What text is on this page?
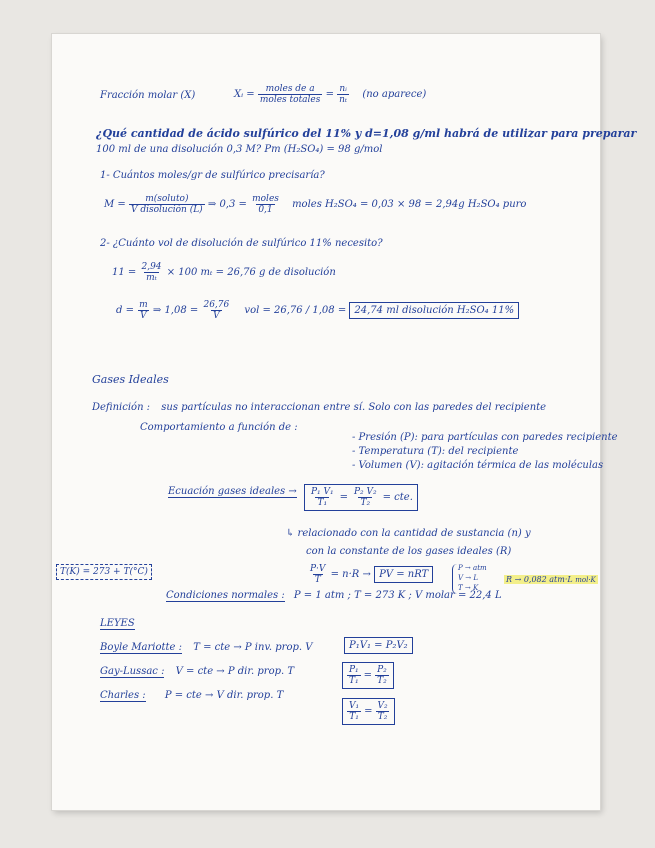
Fracción molar (X)	Xᵢ = $\frac{\text{moles de a}}{\text{moles totales}} = \frac{\text{nᵢ}}{\text{nₜ}} (no$ aparece)
¿Qué cantidad de ácido sulfúrico del 11% y d=1,08 g/ml habrá de utilizar para preparar
100 ml de una disolución 0,3 M? Pm (H₂SO₄) = 98 g/mol
1- Cuántos moles/gr de sulfúrico precisaría?
$M = \frac{\text{m(soluto)}}{\text{V disolución (L)}}$ ⇒ $0,3 = \frac{\text{moles}}{0,1}$ moles H₂SO₄ = 0,03 × 98 = 2,94g H₂SO₄ puro
2- ¿Cuánto vol de disolución de sulfúrico 11% necesito?
$11 = \frac{2,94}{\text{mₜ}} \times 100$ mₜ = 26,76 g de disolución
$d = \frac{m}{V}$ ⇒ $1,08 = \frac{26,76}{V}$ vol = 26,76 / 1,08 = 24,74 ml disolución H₂SO₄ 11%
Gases Ideales
Definición : sus partículas no interaccionan entre sí. Solo con las paredes del recipiente
Comportamiento a función de :
- Presión (P): para partículas con paredes recipiente
- Temperatura (T): del recipiente
- Volumen (V): agitación térmica de las moléculas
Ecuación gases ideales → $\frac{\text{P₁ V₁}}{\text{T₁}} = \frac{\text{P₂ V₂}}{\text{T₂}}$ = cte.
↳ relacionado con la cantidad de sustancia (n) y
con la constante de los gases ideales (R)
$\frac{P\cdot V}{T} = n\cdot R$ → PV = nRT
P → atm
V → L
T → K
R → 0,082 atm·L mol·K
T(K) = 273 + T(°C)
Condiciones normales : P = 1 atm ; T = 273 K ; V molar = 22,4 L
LEYES
Boyle Mariotte : T = cte → P inv. prop. V	P₁V₁ = P₂V₂
Gay-Lussac : V = cte → P dir. prop. T	$\frac{\text{P₁}}{\text{T₁}} = \frac{\text{P₂}}{\text{T₂}}$
Charles : P = cte → V dir. prop. T
$\frac{\text{V₁}}{\text{T₁}} = \frac{\text{V₂}}{\text{T₂}}$
